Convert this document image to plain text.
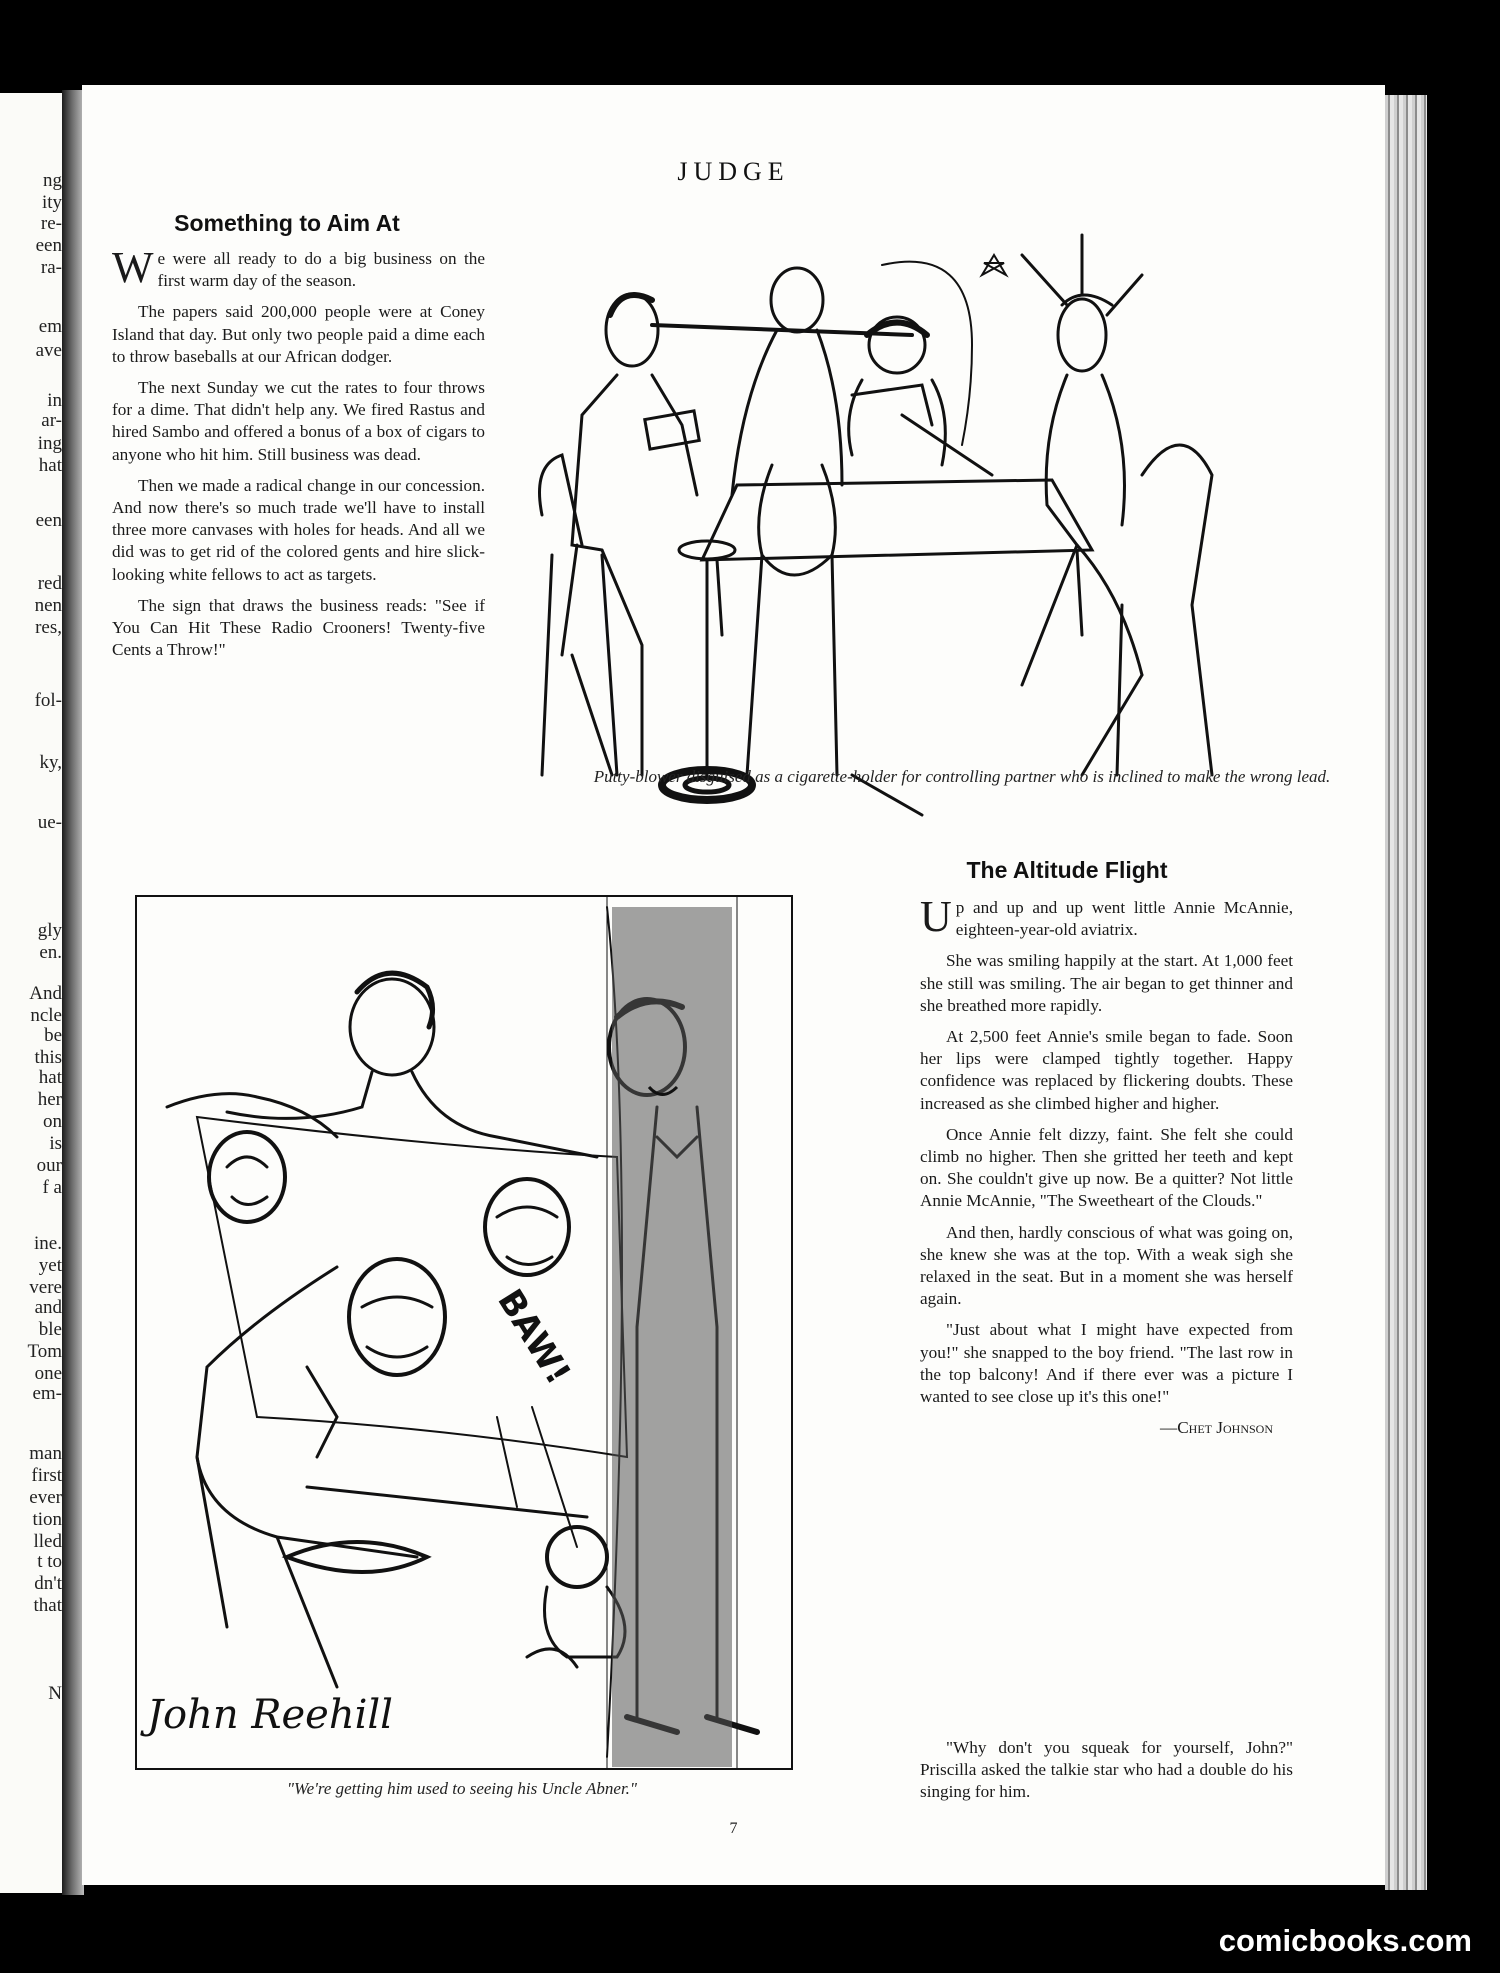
ng
ity
re-
een
ra-
em
ave
in
ar-
ing
hat
een
red
nen
res,
fol-
ky,
ue-
gly
en.
And
ncle
be
this
hat
her
on
is
our
f a
ine.
yet
vere
and
ble
Tom
one
em-
man
first
ever
tion
lled
t to
dn't
that
N
JUDGE
Something to Aim At

We were all ready to do a big business on the first warm day of the season.

The papers said 200,000 people were at Coney Island that day. But only two people paid a dime each to throw baseballs at our African dodger.

The next Sunday we cut the rates to four throws for a dime. That didn't help any. We fired Rastus and hired Sambo and offered a bonus of a box of cigars to anyone who hit him. Still business was dead.

Then we made a radical change in our concession. And now there's so much trade we'll have to install three more canvases with holes for heads. And all we did was to get rid of the colored gents and hire slick-looking white fellows to act as targets.

The sign that draws the business reads: "See if You Can Hit These Radio Crooners! Twenty-five Cents a Throw!"

Putty-blower disguised as a cigarette-holder for controlling partner who is inclined to make the wrong lead.
BAW!
John Reehill
"We're getting him used to seeing his Uncle Abner."
The Altitude Flight

Up and up and up went little Annie McAnnie, eighteen-year-old aviatrix.

She was smiling happily at the start. At 1,000 feet she still was smiling. The air began to get thinner and she breathed more rapidly.

At 2,500 feet Annie's smile began to fade. Soon her lips were clamped tightly together. Happy confidence was replaced by flickering doubts. These increased as she climbed higher and higher.

Once Annie felt dizzy, faint. She felt she could climb no higher. Then she gritted her teeth and kept on. She couldn't give up now. Be a quitter? Not little Annie McAnnie, "The Sweetheart of the Clouds."

And then, hardly conscious of what was going on, she knew she was at the top. With a weak sigh she relaxed in the seat. But in a moment she was herself again.

"Just about what I might have expected from you!" she snapped to the boy friend. "The last row in the top balcony! And if there ever was a picture I wanted to see close up it's this one!"

—Chet Johnson

"Why don't you squeak for yourself, John?" Priscilla asked the talkie star who had a double do his singing for him.

7
comicbooks.com
